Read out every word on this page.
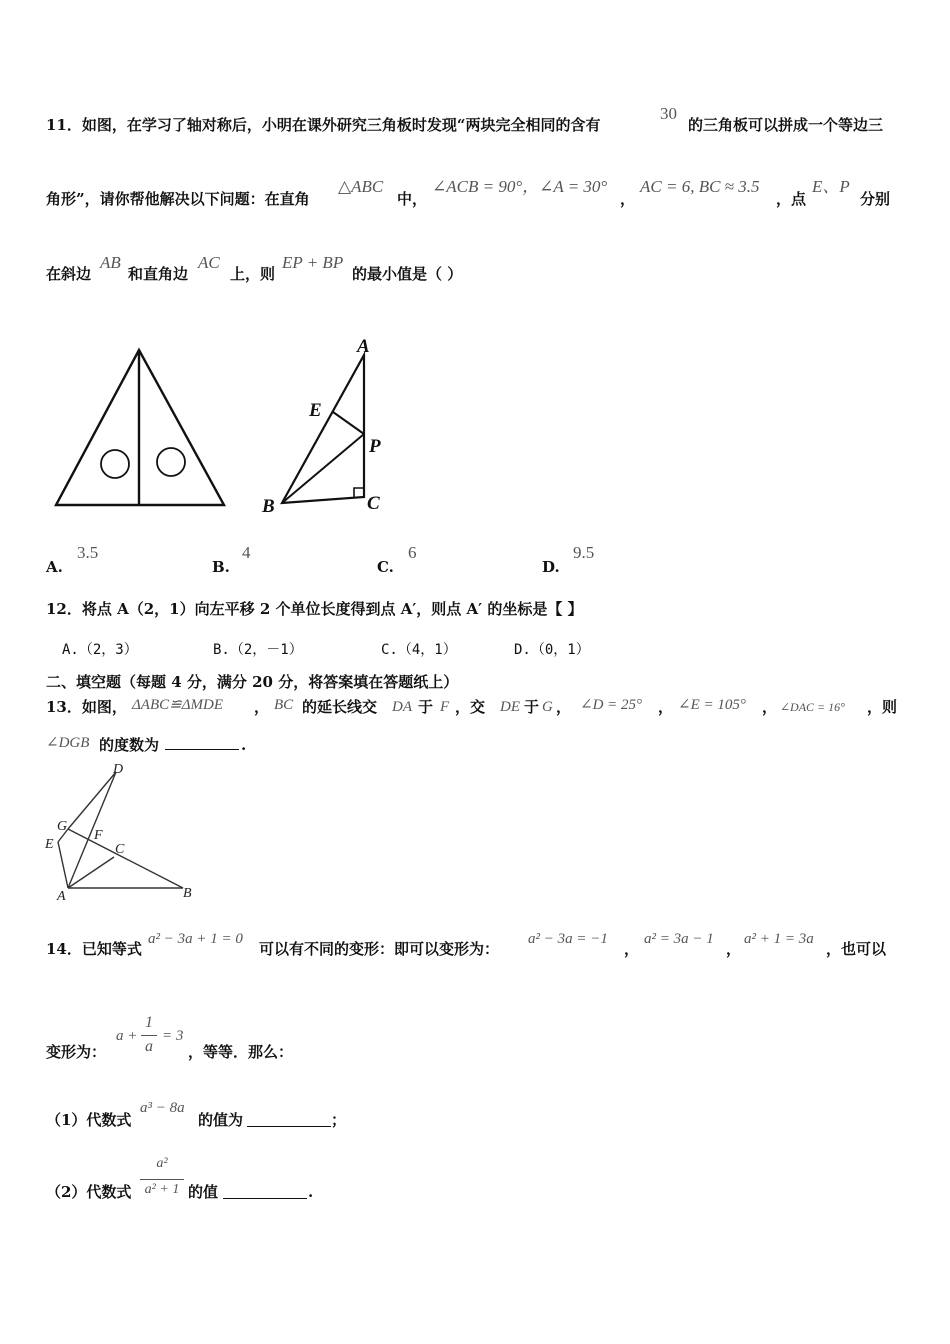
11．如图，在学习了轴对称后，小明在课外研究三角板时发现“两块完全相同的含有
30
的三角板可以拼成一个等边三
角形”，请你帮他解决以下问题：在直角
△ABC
中，
∠ACB = 90°，∠A = 30°
，
AC = 6, BC ≈ 3.5
，点
E、P
分别
在斜边
AB
和直角边
AC
上，则
EP + BP
的最小值是（ ）
A
E
P
B	C
A.
3.5
B.
4
C.
6
D.
9.5
12．将点 A（2，1）向左平移 2 个单位长度得到点 A′，则点 A′ 的坐标是【 】
A.（2，3）	B.（2，－1）	C.（4，1）	D.（0，1）
二、填空题（每题 4 分，满分 20 分，将答案填在答题纸上）
13．如图， ΔABC≌ΔMDE ， BC 的延长线交 DA 于 F ，交 DE 于 G ， ∠D = 25° ， ∠E = 105° ， ∠DAC = 16° ，则
∠DGB 的度数为	.
D
G
F
E	C
A	B
14．已知等式
a² − 3a + 1 = 0
可以有不同的变形：即可以变形为：
a² − 3a = −1
，
a² = 3a − 1
，
a² + 1 = 3a
，也可以
变形为：
a +
1
a
= 3
，等等．那么：
（1）代数式
a³ − 8a
的值为	；
（2）代数式
a²
a² + 1 的值	.
